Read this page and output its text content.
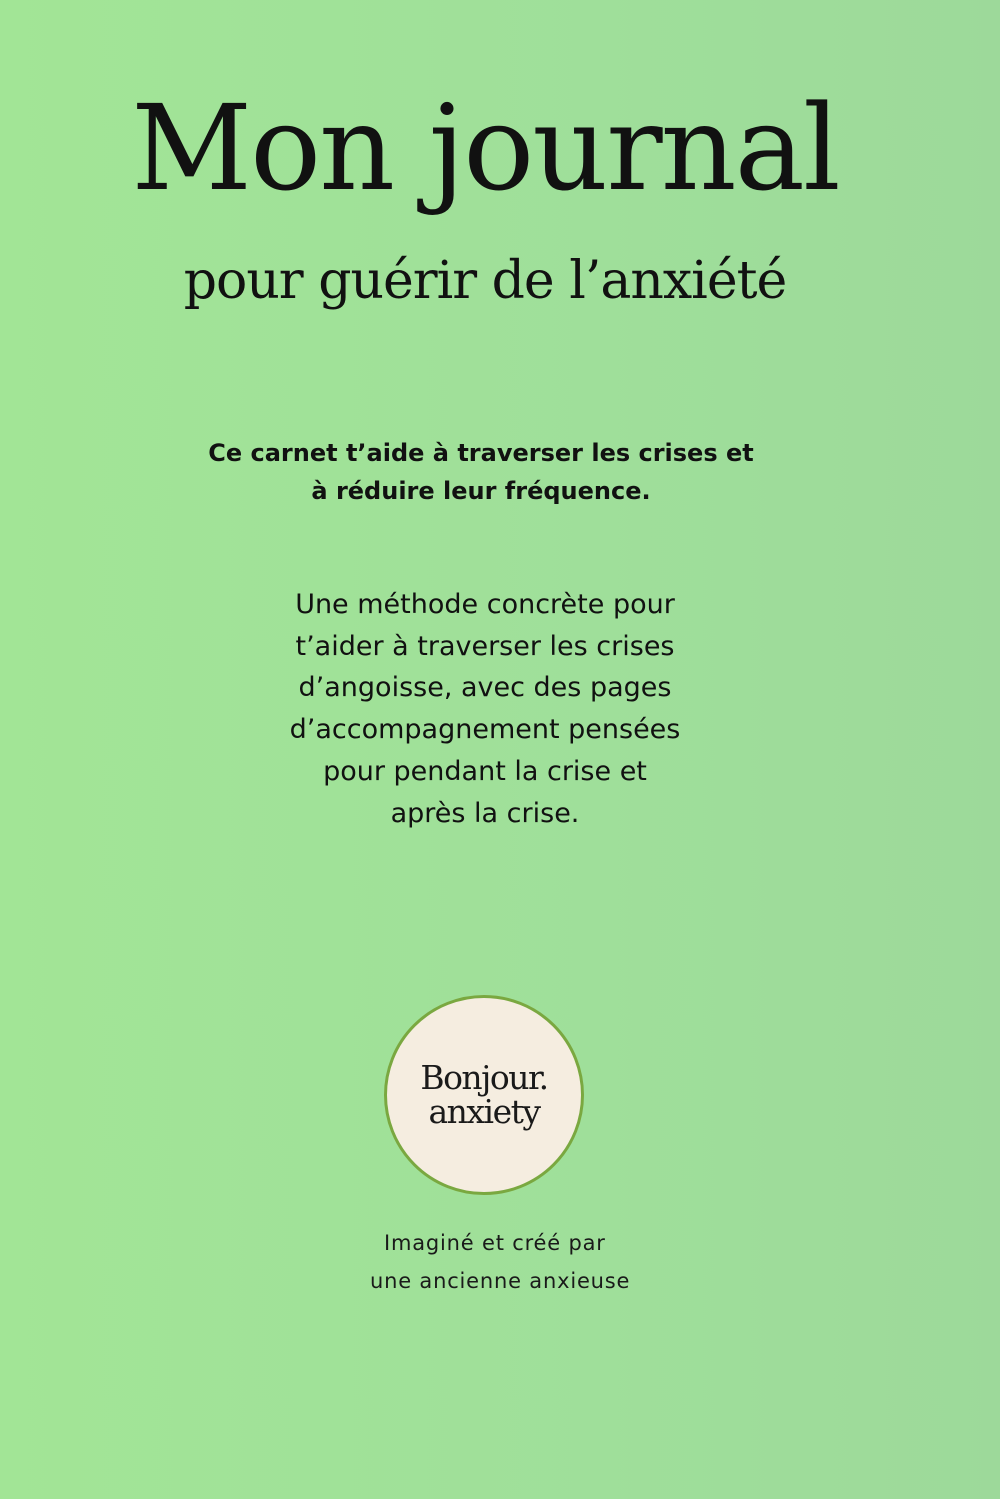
Mon journal
pour guérir de l’anxiété

Ce carnet t’aide à traverser les crises et
à réduire leur fréquence.

Une méthode concrète pour
t’aider à traverser les crises
d’angoisse, avec des pages
d’accompagnement pensées
pour pendant la crise et
après la crise.

Bonjour.
anxiety
Imaginé et créé par
une ancienne anxieuse
